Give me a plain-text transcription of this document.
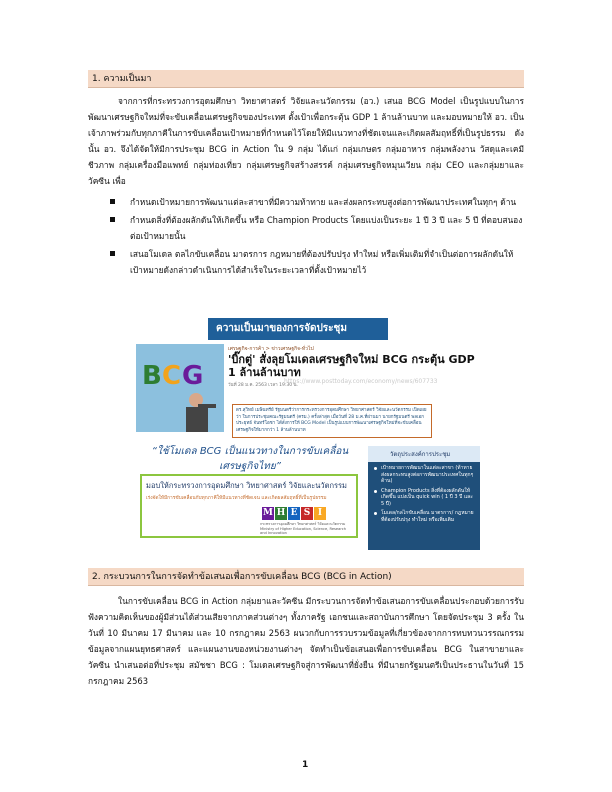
1. ความเป็นมา
จากการที่กระทรวงการอุดมศึกษา วิทยาศาสตร์ วิจัยและนวัตกรรม (อว.) เสนอ BCG Model เป็นรูปแบบในการพัฒนาเศรษฐกิจใหม่ที่จะขับเคลื่อนเศรษฐกิจของประเทศ ตั้งเป้าเพื่อกระตุ้น GDP 1 ล้านล้านบาท และมอบหมายให้ อว. เป็นเจ้าภาพร่วมกับทุกภาคีในการขับเคลื่อนเป้าหมายที่กำหนดไว้โดยให้มีแนวทางที่ชัดเจนและเกิดผลสัมฤทธิ์ที่เป็นรูปธรรม ดังนั้น อว. จึงได้จัดให้มีการประชุม BCG in Action ใน 9 กลุ่ม ได้แก่ กลุ่มเกษตร กลุ่มอาหาร กลุ่มพลังงาน วัสดุและเคมีชีวภาพ กลุ่มเครื่องมือแพทย์ กลุ่มท่องเที่ยว กลุ่มเศรษฐกิจสร้างสรรค์ กลุ่มเศรษฐกิจหมุนเวียน กลุ่ม CEO และกลุ่มยาและวัคซีน เพื่อ
กำหนดเป้าหมายการพัฒนาแต่ละสาขาที่มีความท้าทาย และส่งผลกระทบสูงต่อการพัฒนาประเทศในทุกๆ ด้าน
กำหนดสิ่งที่ต้องผลักดันให้เกิดขึ้น หรือ Champion Products โดยแบ่งเป็นระยะ 1 ปี 3 ปี และ 5 ปี ที่ตอบสนองต่อเป้าหมายนั้น
เสนอโมเดล ตลไกขับเคลื่อน มาตรการ กฎหมายที่ต้องปรับปรุง ทำใหม่ หรือเพิ่มเติมที่จำเป็นต่อการผลักดันให้เป้าหมายดังกล่าวดำเนินการได้สำเร็จในระยะเวลาที่ตั้งเป้าหมายไว้
ความเป็นมาของการจัดประชุม
B C G
เศรษฐกิจ-การค้า > ข่าวเศรษฐกิจ-ทั่วไป
'บิ๊กตู่' สั่งลุยโมเดลเศรษฐกิจใหม่ BCG กระตุ้น GDP 1 ล้านล้านบาท
วันที่ 28 ม.ค. 2563 เวลา 19:30 น.
https://www.posttoday.com/economy/news/607733
ดร.สุวิทย์ เมษินทรีย์ รัฐมนตรีว่าการกระทรวงการอุดมศึกษา วิทยาศาสตร์ วิจัยและนวัตกรรม เปิดเผยว่า ในการประชุมคณะรัฐมนตรี (ครม.) ครั้งล่าสุด เมื่อวันที่ 28 ม.ค.ที่ผ่านมา นายกรัฐมนตรี พลเอกประยุทธ์ จันทร์โอชา ได้สั่งการให้ BCG Model เป็นรูปแบบการพัฒนาเศรษฐกิจใหม่ที่จะขับเคลื่อนเศรษฐกิจให้มากกว่า 1 ล้านล้านบาท
“ใช้โมเดล BCG เป็นแนวทางในการขับเคลื่อนเศรษฐกิจไทย”
มอบให้กระทรวงการอุดมศึกษา วิทยาศาสตร์ วิจัยและนวัตกรรม
เร่งจัดให้มีการขับเคลื่อนกับทุกภาคีให้มีแนวทางที่ชัดเจน และเกิดผลสัมฤทธิ์ที่เป็นรูปธรรม
M H E S I
กระทรวงการอุดมศึกษา วิทยาศาสตร์ วิจัยและนวัตกรรม Ministry of Higher Education, Science, Research and Innovation
วัตถุประสงค์การประชุม
เป้าหมายการพัฒนาในแต่ละสาขา (ท้าทาย ส่งผลกระทบสูงต่อการพัฒนาประเทศในทุกๆด้าน)
Champion Products สิ่งที่ต้องผลักดันให้เกิดขึ้น แบ่งเป็น quick win ( 1 ปี 3 ปี และ 5 ปี)
โมเดล/กลไกขับเคลื่อน มาตรการ/ กฎหมายที่ต้องปรับปรุง ทำใหม่ หรือเพิ่มเติม
2. กระบวนการในการจัดทำข้อเสนอเพื่อการขับเคลื่อน BCG (BCG in Action)
ในการขับเคลื่อน BCG in Action กลุ่มยาและวัคซีน มีกระบวนการจัดทำข้อเสนอการขับเคลื่อนประกอบด้วยการรับฟังความคิดเห็นของผู้มีส่วนได้ส่วนเสียจากภาคส่วนต่างๆ ทั้งภาครัฐ เอกชนและสถาบันการศึกษา โดยจัดประชุม 3 ครั้ง ในวันที่ 10 มีนาคม 17 มีนาคม และ 10 กรกฎาคม 2563 ผนวกกับการรวบรวมข้อมูลที่เกี่ยวข้องจากการทบทวนวรรณกรรม ข้อมูลจากแผนยุทธศาสตร์ และแผนงานของหน่วยงานต่างๆ จัดทำเป็นข้อเสนอเพื่อการขับเคลื่อน BCG ในสาขายาและวัคซีน นำเสนอต่อที่ประชุม สมัชชา BCG : โมเดลเศรษฐกิจสู่การพัฒนาที่ยั่งยืน ที่มีนายกรัฐมนตรีเป็นประธานในวันที่ 15 กรกฎาคม 2563
1
